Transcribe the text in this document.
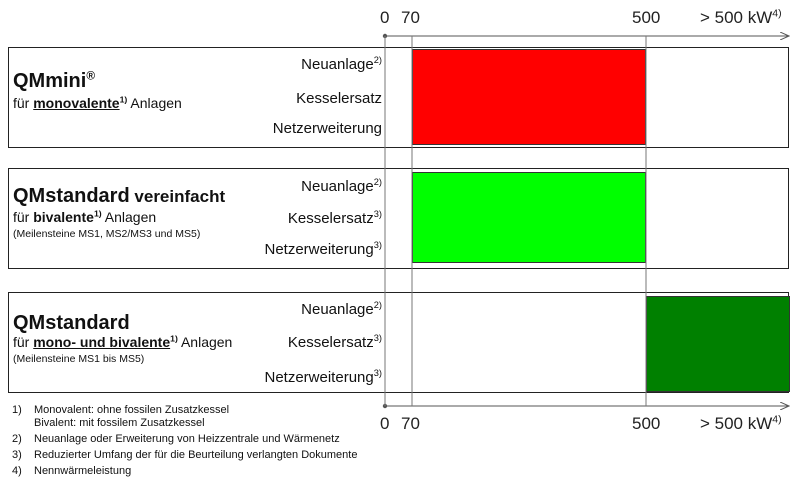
0 70	500 > 500 $kW^{4)}$
0 70	500 > 500 $kW^{4)}$
QMmini®
für monovalente$^{1)}$ Anlagen
Neuanlage$^{2)}$
Kesselersatz
Netzerweiterung
QMstandard vereinfacht
für bivalente$^{1)}$ Anlagen
(Meilensteine MS1, MS2/MS3 und MS5)
Neuanlage$^{2)}$
Kesselersatz$^{3)}$
Netzerweiterung$^{3)}$
QMstandard
für mono- und bivalente$^{1)}$ Anlagen
(Meilensteine MS1 bis MS5)
Neuanlage$^{2)}$
Kesselersatz$^{3)}$
Netzerweiterung$^{3)}$
1) Monovalent: ohne fossilen Zusatzkessel
Bivalent: mit fossilem Zusatzkessel
2) Neuanlage oder Erweiterung von Heizzentrale und Wärmenetz
3) Reduzierter Umfang der für die Beurteilung verlangten Dokumente
4) Nennwärmeleistung
